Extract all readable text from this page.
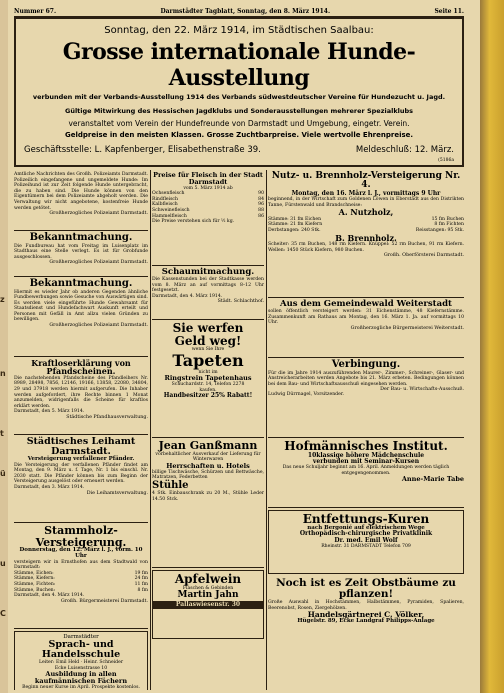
z
n
t
ü
u
C
Nummer 67.	Darmstädter Tagblatt, Sonntag, den 8. März 1914.	Seite 11.
Sonntag, den 22. März 1914, im Städtischen Saalbau:
Grosse internationale Hunde-Ausstellung
verbunden mit der Verbands-Ausstellung 1914 des Verbands südwestdeutscher Vereine für Hundezucht u. Jagd.
Gültige Mitwirkung des Hessischen Jagdklubs und Sonderausstellungen mehrerer Spezialklubs
veranstaltet vom Verein der Hundefreunde von Darmstadt und Umgebung, eingetr. Verein.
Geldpreise in den meisten Klassen. Grosse Zuchtbarpreise. Viele wertvolle Ehrenpreise.
Geschäftsstelle: L. Kapfenberger, Elisabethenstraße 39.	Meldeschluß: 12. März.
(5186a
Amtliche Nachrichten des Großh. Polizeiamts Darmstadt. Polizeilich eingefangene und ungemeldete Hunde: Im Polizeihund ist zur Zeit folgende Hunde untergebracht, die zu haben sind. Die Hunde können von den Eigentümern bei dem Polizeiamte abgeholt werden. Die Verwaltung wir nicht angebotene, kostenfreie Hunde werden getötet.
Großherzogliches Polizeiamt Darmstadt.
Bekanntmachung.
Die Fundbureau hat vom Freitag im Luisenplatz im Stadthaus eine Stelle verlegt. Es ist für Grobfunde ausgeschlossen.
Großherzogliches Polizeiamt Darmstadt.
Bekanntmachung.
Hiermit es wieder Jahr ob anderen Gegenden ähnliche Fundbewerbungen sowie Gesuche von Auswärtigen sind. Es werden viele eingeführte Hunde Gewahrsamt für Staatsdienst und Hundefachwart Auskunft erteilt und Personen mit Gefäll in Amt allzu vielen Gründen zu bewilligen.
Großherzogliches Polizeiamt Darmstadt.
Kraftloserklärung von Pfandscheinen.
Die nachstehenden Pfandscheine des Pfandleihers Nr. 8989, 28498, 7856, 12146, 19166, 13858, 22080, 34804, 29 und 37918 werden hiermit aufgerufen. Die Inhaber werden aufgefordert, ihre Rechte binnen 1 Monat anzumelden, widrigenfalls die Scheine für kraftlos erklärt werden.
Darmstadt, den 5. März 1914.
Städtische Pfandhausverwaltung.
Städtisches Leihamt Darmstadt.
Versteigerung verfallener Pfänder.
Die Versteigerung der verfallenen Pfänder findet am Montag, den 9. März u. f. Tage, Nr. 1 bis einschl. Nr. 2030 statt. Die Pfänder können bis zum Beginn der Versteigerung ausgelöst oder erneuert werden.
Darmstadt, den 3. März 1914.
Die Leihamtsverwaltung.
Stammholz-Versteigerung.
Donnerstag, den 12. März l. J., vorm. 10 Uhr
versteigern wir in Ernsthofen aus dem Stadtwald von Darmstadt:
Stämme, Eichen:	19 fm
Stämme, Kiefern:	24 fm
Stämme, Fichten:	11 fm
Stämme, Buchen:	8 fm
Darmstadt, den 4. März 1914.
Großh. Bürgermeisterei Darmstadt.
Darmstädter
Sprach- und Handelsschule
Leiter: Emil Held · Heinr. Schneider
Ecke Luisenstrasse 10
Ausbildung in allen kaufmännischen Fächern
Beginn neuer Kurse im April. Prospekte kostenlos.
Preise für Fleisch in der Stadt Darmstadt
vom 5. März 1914 ab
Ochsenfleisch	90
Rindfleisch	84
Kalbfleisch	96
Schweinefleisch	88
Hammelfleisch	86
Die Preise verstehen sich für ½ kg.
Schaumitmachung.
Die Kassenstunden bei der Stadtkasse werden vom 8. März an auf vormittags 8–12 Uhr festgesetzt.
Darmstadt, den 4. März 1914.
Städt. Schlachthof.
Sie werfen
Geld weg!
wenn Sie Ihre
Tapeten
nicht im
Ringstrein Tapetenhaus
Schuchardstr. 14, Telefon 2278
kaufen.
Handbesitzer 25% Rabatt!
Jean Ganßmann
vorbehaltlicher Ausverkauf der Lieferung für Winterwaren
Herrschaften u. Hotels
billige Tischwäsche, Schürzen und Bettwäsche, Matratzen, Federbetten
Stühle
4 Stk. Einbauschrank zu 20 M., Stühle Leder 14.50 Stck.
Apfelwein
Flaschen & Gebinden
Martin Jahn
Pallaswiesenstr. 30
Nutz- u. Brennholz-Versteigerung Nr. 4.
Montag, den 16. März l. J., vormittags 9 Uhr
beginnend, in der Wirtschaft zum Goldenen Löwen in Eberstadt aus den Distrikten Tanne, Fürstenwald und Brandschneise:
A. Nutzholz,
Stämme: 31 fm Eichen	15 fm Buchen
Stämme: 21 fm Kiefern	8 fm Fichten
Derbstangen: 240 Stk.	Reisstangen: 95 Stk.
B. Brennholz.
Scheiter: 35 rm Buchen, 148 rm Kiefern. Knüppel: 52 rm Buchen, 91 rm Kiefern. Wellen: 1450 Stück Kiefern, 980 Buchen.
Großh. Oberförsterei Darmstadt.
Aus dem Gemeindewald Weiterstadt
sollen öffentlich versteigert werden: 31 Eichenstämme, 48 Kiefernstämme. Zusammenkunft am Rathaus am Montag, den 16. März 1. Ja. auf vormittags 10 Uhr.
Großherzogliche Bürgermeisterei Weiterstadt.
Verbingung.
Für die im Jahre 1914 auszuführenden Maurer-, Zimmer-, Schreiner-, Glaser- und Anstreicherarbeiten werden Angebote bis 21. März erbeten. Bedingungen können bei dem Bau- und Wirtschaftsausschuß eingesehen werden.
Der Bau- u. Wirtschafts-Ausschuß.
Ludwig Dürrnagel, Vorsitzender.
Hofmännisches Institut.
10klassige höhere Mädchenschule
verbunden mit Seminar-Kursen
Das neue Schuljahr beginnt am 16. April. Anmeldungen werden täglich entgegengenommen.
Anne-Marie Tabe
Entfettungs-Kuren
nach Bergonié auf elektrischem Wege
Orthopädisch-chirurgische Privatklinik
Dr. med. Emil Wolf
Rheinstr. 31 DARMSTADT Telefon 709
Noch ist es Zeit Obstbäume zu pflanzen!
Große Auswahl in Hochstämmen, Halbstämmen, Pyramiden, Spalieren, Beerenobst, Rosen, Ziergehölzen.
Handelsgärtnerei C. Völker,
Hügelstr. 89, Ecke Landgraf Philipps-Anlage
